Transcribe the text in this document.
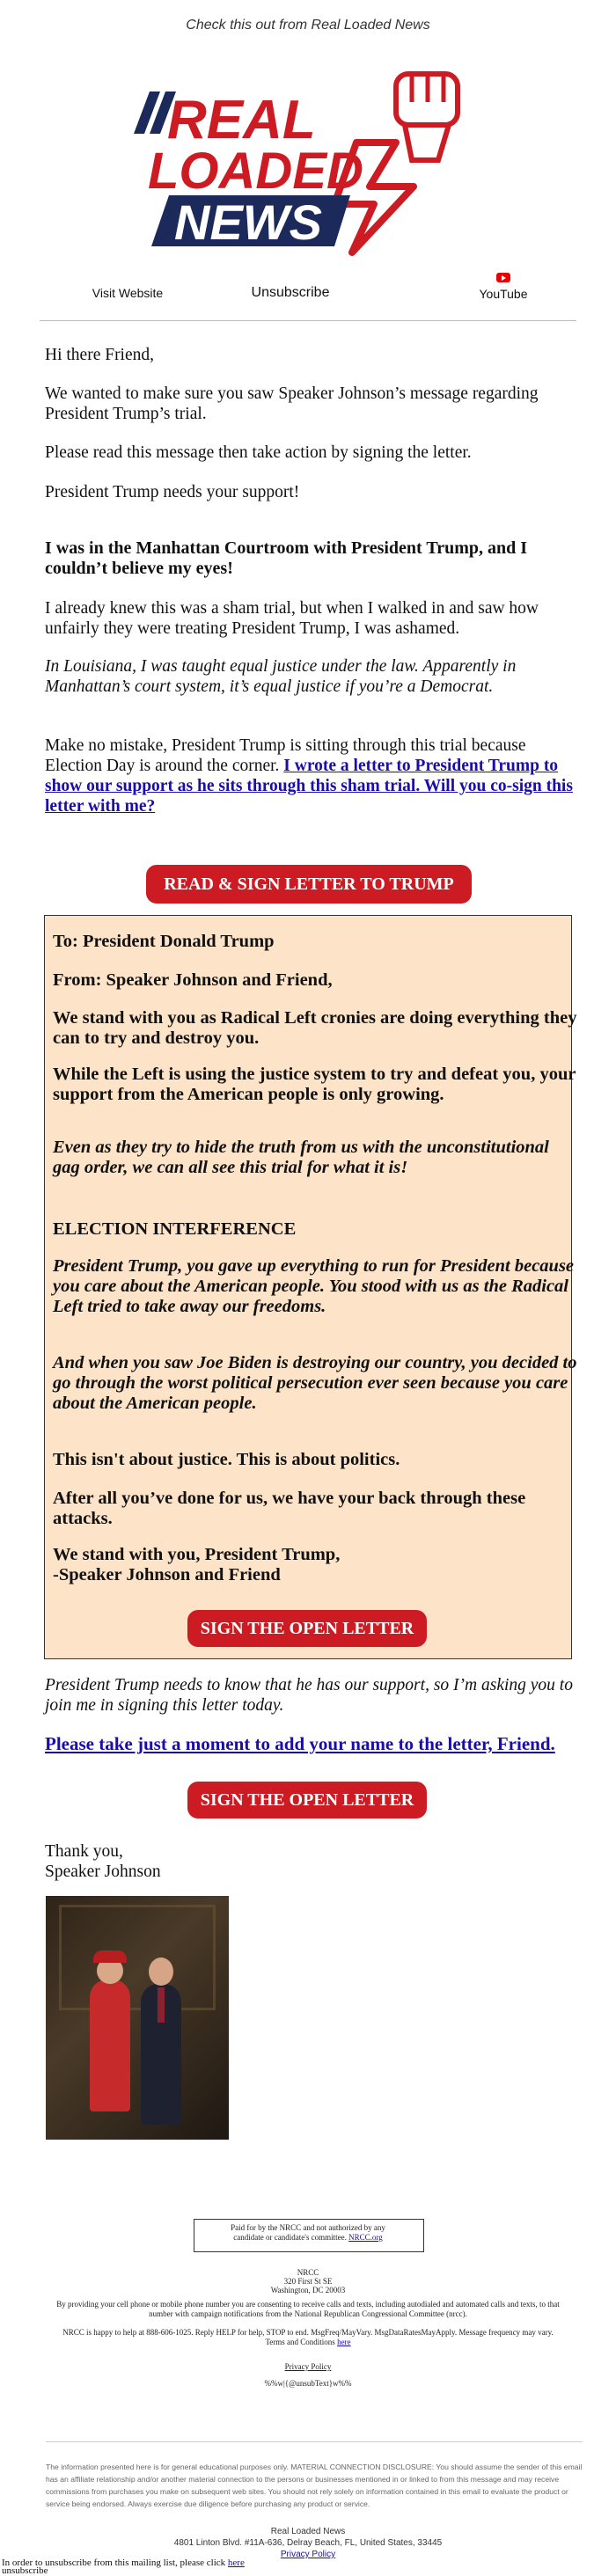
Check this out from Real Loaded News
REAL
LOADED
NEWS
Visit Website	Unsubscribe	YouTube
Hi there Friend,
We wanted to make sure you saw Speaker Johnson’s message regarding President Trump’s trial.
Please read this message then take action by signing the letter.
President Trump needs your support!
I was in the Manhattan Courtroom with President Trump, and I couldn’t believe my eyes!
I already knew this was a sham trial, but when I walked in and saw how unfairly they were treating President Trump, I was ashamed.
In Louisiana, I was taught equal justice under the law. Apparently in Manhattan’s court system, it’s equal justice if you’re a Democrat.
Make no mistake, President Trump is sitting through this trial because Election Day is around the corner. I wrote a letter to President Trump to show our support as he sits through this sham trial. Will you co-sign this letter with me?
READ & SIGN LETTER TO TRUMP
To: President Donald Trump
From: Speaker Johnson and Friend,
We stand with you as Radical Left cronies are doing everything they can to try and destroy you.
While the Left is using the justice system to try and defeat you, your support from the American people is only growing.
Even as they try to hide the truth from us with the unconstitutional gag order, we can all see this trial for what it is!
ELECTION INTERFERENCE
President Trump, you gave up everything to run for President because you care about the American people. You stood with us as the Radical Left tried to take away our freedoms.
And when you saw Joe Biden is destroying our country, you decided to go through the worst political persecution ever seen because you care about the American people.
This isn't about justice. This is about politics.
After all you’ve done for us, we have your back through these attacks.
We stand with you, President Trump,
-Speaker Johnson and Friend
SIGN THE OPEN LETTER
President Trump needs to know that he has our support, so I’m asking you to join me in signing this letter today.
Please take just a moment to add your name to the letter, Friend.
SIGN THE OPEN LETTER
Thank you,
Speaker Johnson
Paid for by the NRCC and not authorized by any
candidate or candidate's committee. NRCC.org
NRCC
320 First St SE
Washington, DC 20003
By providing your cell phone or mobile phone number you are consenting to receive calls and texts, including autodialed and automated calls and texts, to that number with campaign notifications from the National Republican Congressional Committee (nrcc).
NRCC is happy to help at 888-606-1025. Reply HELP for help, STOP to end. MsgFreq/MayVary. MsgDataRatesMayApply. Message frequency may vary. Terms and Conditions here
Privacy Policy
%%w|{@unsubText}w%%
The information presented here is for general educational purposes only. MATERIAL CONNECTION DISCLOSURE: You should assume the sender of this email has an affiliate relationship and/or another material connection to the persons or businesses mentioned in or linked to from this message and may receive commissions from purchases you make on subsequent web sites. You should not rely solely on information contained in this email to evaluate the product or service being endorsed. Always exercise due diligence before purchasing any product or service.
Real Loaded News
4801 Linton Blvd. #11A-636, Delray Beach, FL, United States, 33445
Privacy Policy
In order to unsubscribe from this mailing list, please click here
unsubscribe
